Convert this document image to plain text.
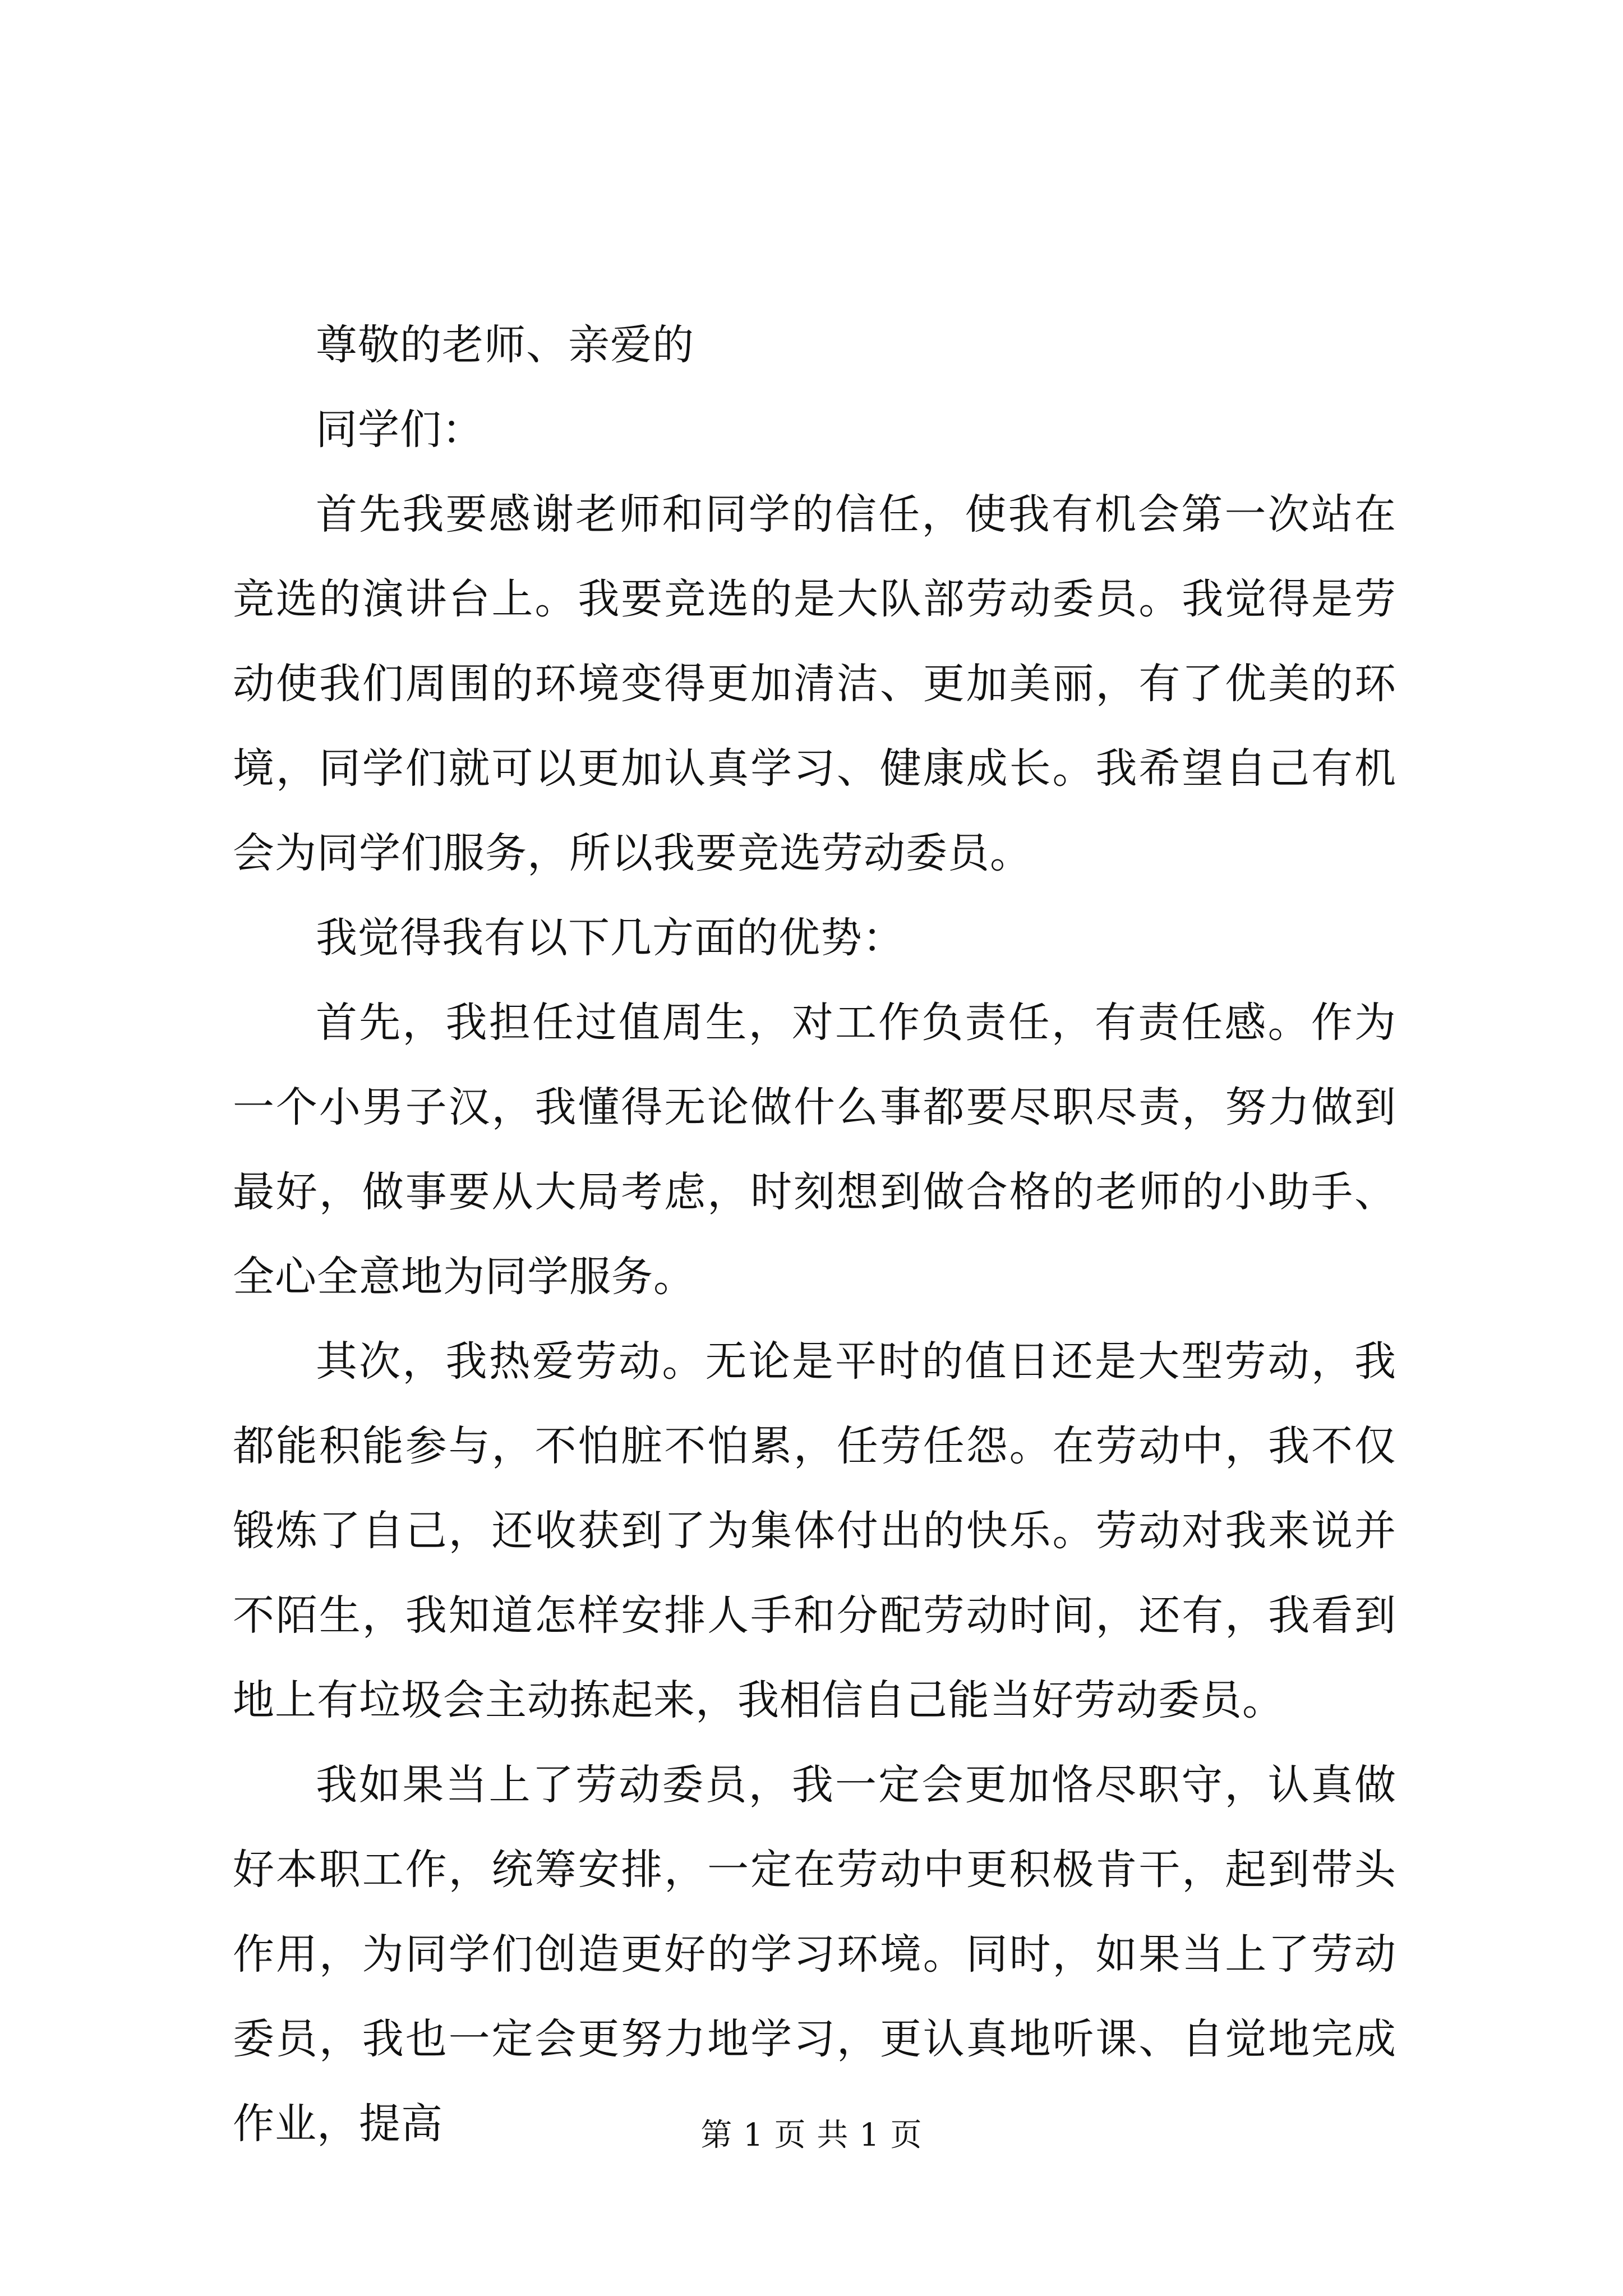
尊敬的老师、亲爱的

同学们：

首先我要感谢老师和同学的信任，使我有机会第一次站在竞选的演讲台上。我要竞选的是大队部劳动委员。我觉得是劳动使我们周围的环境变得更加清洁、更加美丽，有了优美的环境，同学们就可以更加认真学习、健康成长。我希望自己有机会为同学们服务，所以我要竞选劳动委员。

我觉得我有以下几方面的优势：

首先，我担任过值周生，对工作负责任，有责任感。作为一个小男子汉，我懂得无论做什么事都要尽职尽责，努力做到最好，做事要从大局考虑，时刻想到做合格的老师的小助手、全心全意地为同学服务。

其次，我热爱劳动。无论是平时的值日还是大型劳动，我都能积能参与，不怕脏不怕累，任劳任怨。在劳动中，我不仅锻炼了自己，还收获到了为集体付出的快乐。劳动对我来说并不陌生，我知道怎样安排人手和分配劳动时间，还有，我看到地上有垃圾会主动拣起来，我相信自己能当好劳动委员。

我如果当上了劳动委员，我一定会更加恪尽职守，认真做好本职工作，统筹安排，一定在劳动中更积极肯干，起到带头作用，为同学们创造更好的学习环境。同时，如果当上了劳动委员，我也一定会更努力地学习，更认真地听课、自觉地完成作业，提高	第 1 页 共 1 页
